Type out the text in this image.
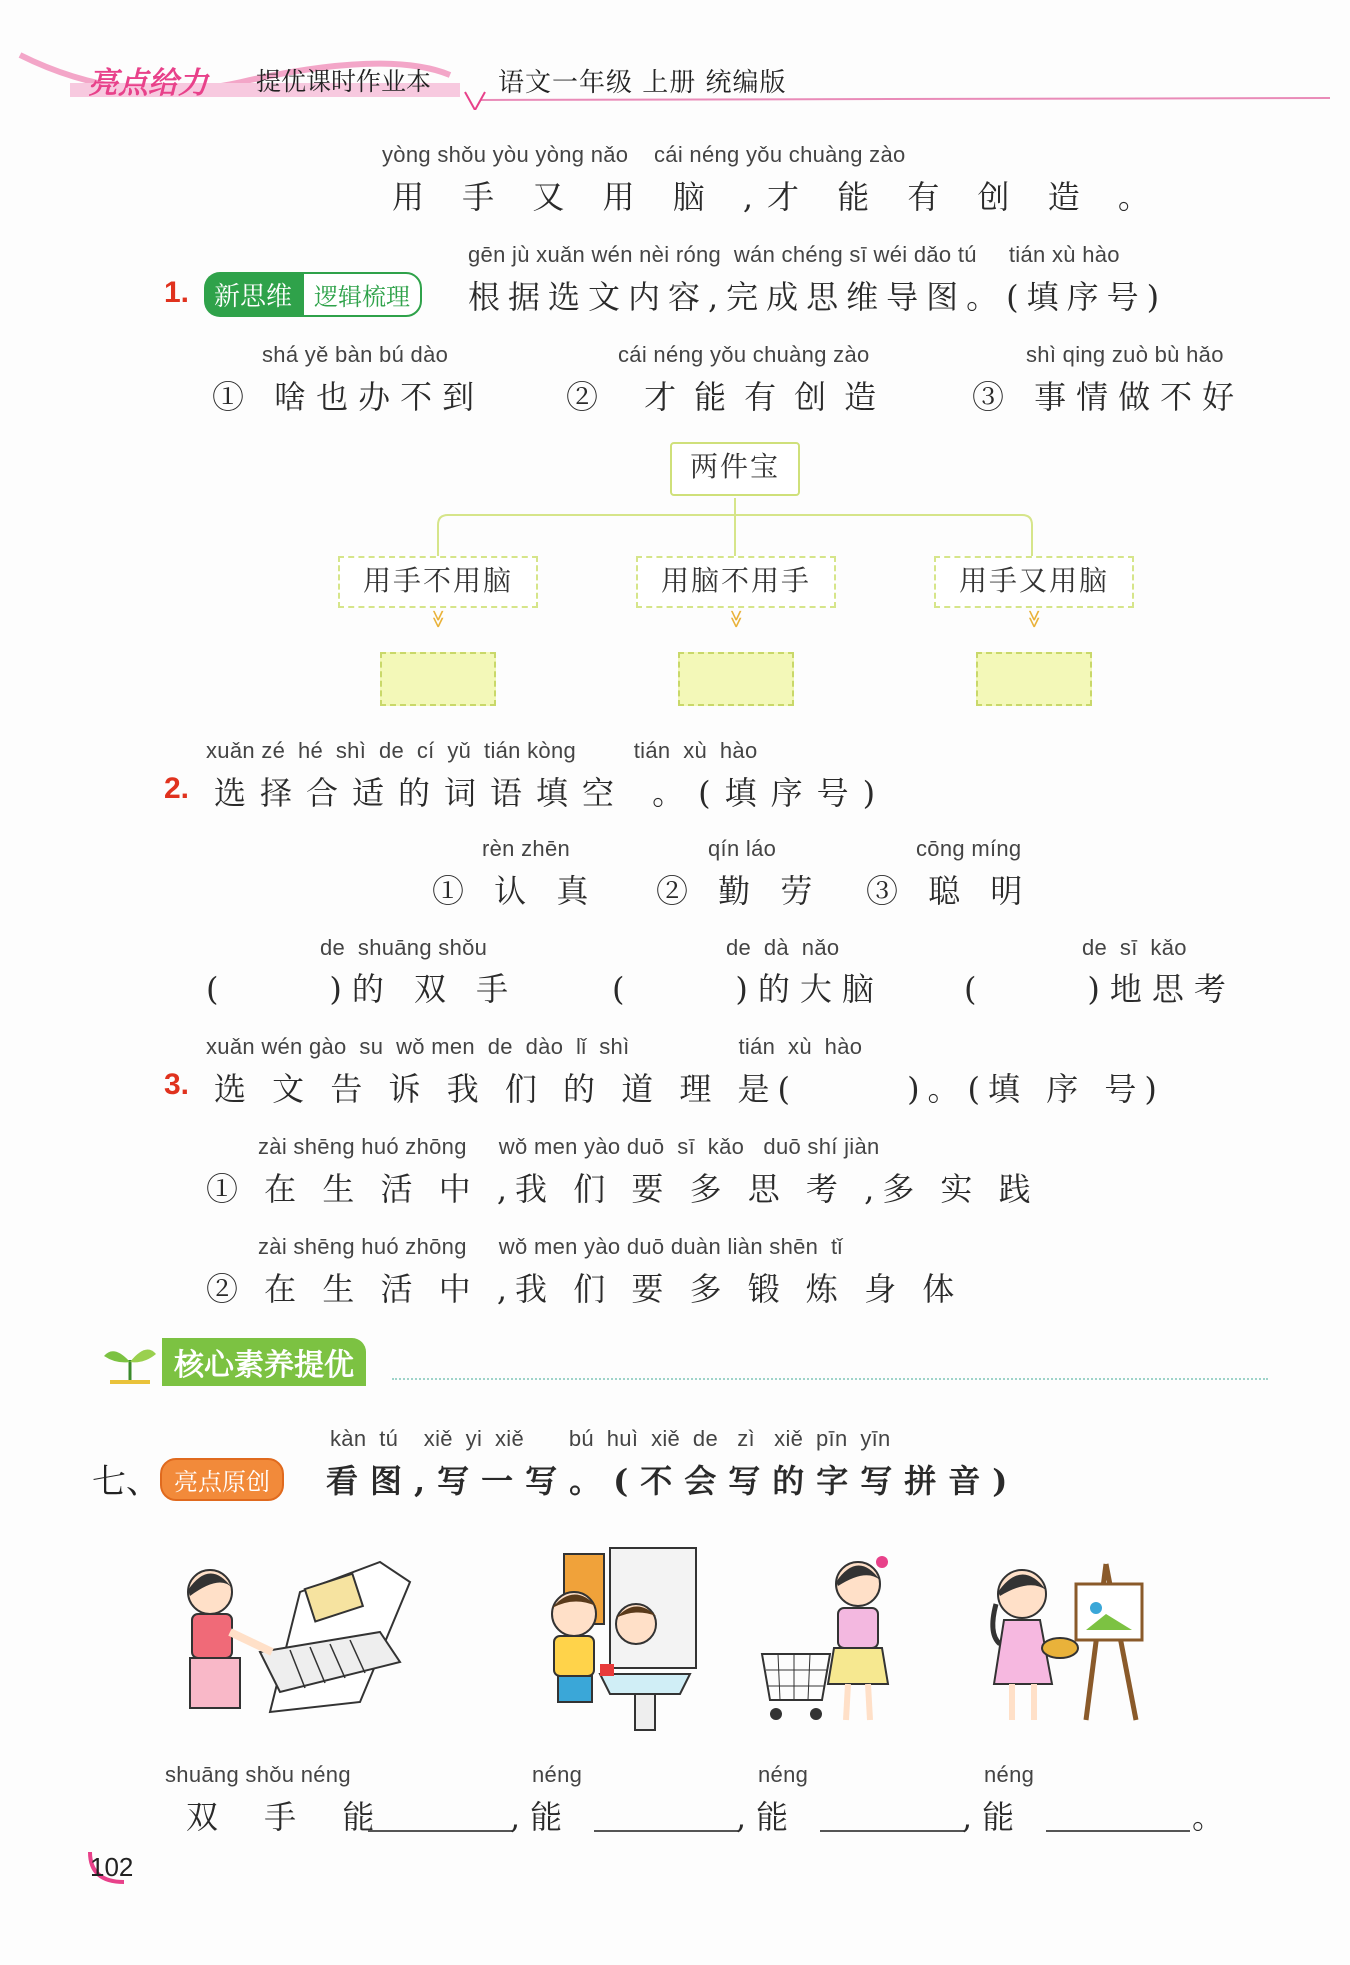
亮点给力 提优课时作业本	语文一年级 上册 统编版
yòng shǒu yòu yòng nǎo    cái néng yǒu chuàng zào
用 手 又 用 脑 ,才 能 有 创 造 。
gēn jù xuǎn wén nèi róng  wán chéng sī wéi dǎo tú     tián xù hào
1. 新思维 逻辑梳理	根据选文内容,完成思维导图。(填序号)
shá yě bàn bú dào
① 啥也办不到
cái néng yǒu chuàng zào
② 才能有创造
shì qing zuò bù hǎo
③ 事情做不好
两件宝
用手不用脑	用脑不用手	用手又用脑
≫	≫	≫
xuǎn zé  hé  shì  de  cí  yǔ  tián kòng         tián  xù  hào
2. 选择合适的词语填空 。(填序号)
rèn zhēn
① 认 真
qín láo
② 勤 劳
cōng míng
③ 聪 明
de  shuāng shǒu
(     )的 双 手
de  dà  nǎo
(     )的大脑
de  sī  kǎo
(     )地思考
xuǎn wén gào  su  wǒ men  de  dào  lǐ  shì                 tián  xù  hào
3. 选 文 告 诉 我 们 的 道 理 是(      )。(填 序 号)
zài shēng huó zhōng     wǒ men yào duō  sī  kǎo   duō shí jiàn
① 在 生 活 中 ,我 们 要 多 思 考 ,多 实 践
zài shēng huó zhōng     wǒ men yào duō duàn liàn shēn  tǐ
② 在 生 活 中 ,我 们 要 多 锻 炼 身 体
核心素养提优
kàn  tú    xiě  yi  xiě       bú  huì  xiě  de   zì   xiě  pīn  yīn
七、 亮点原创	看图,写一写。(不会写的字写拼音)
shuāng shǒu néng
双 手 能
néng
,能
néng
,能
néng
,能	。
102
